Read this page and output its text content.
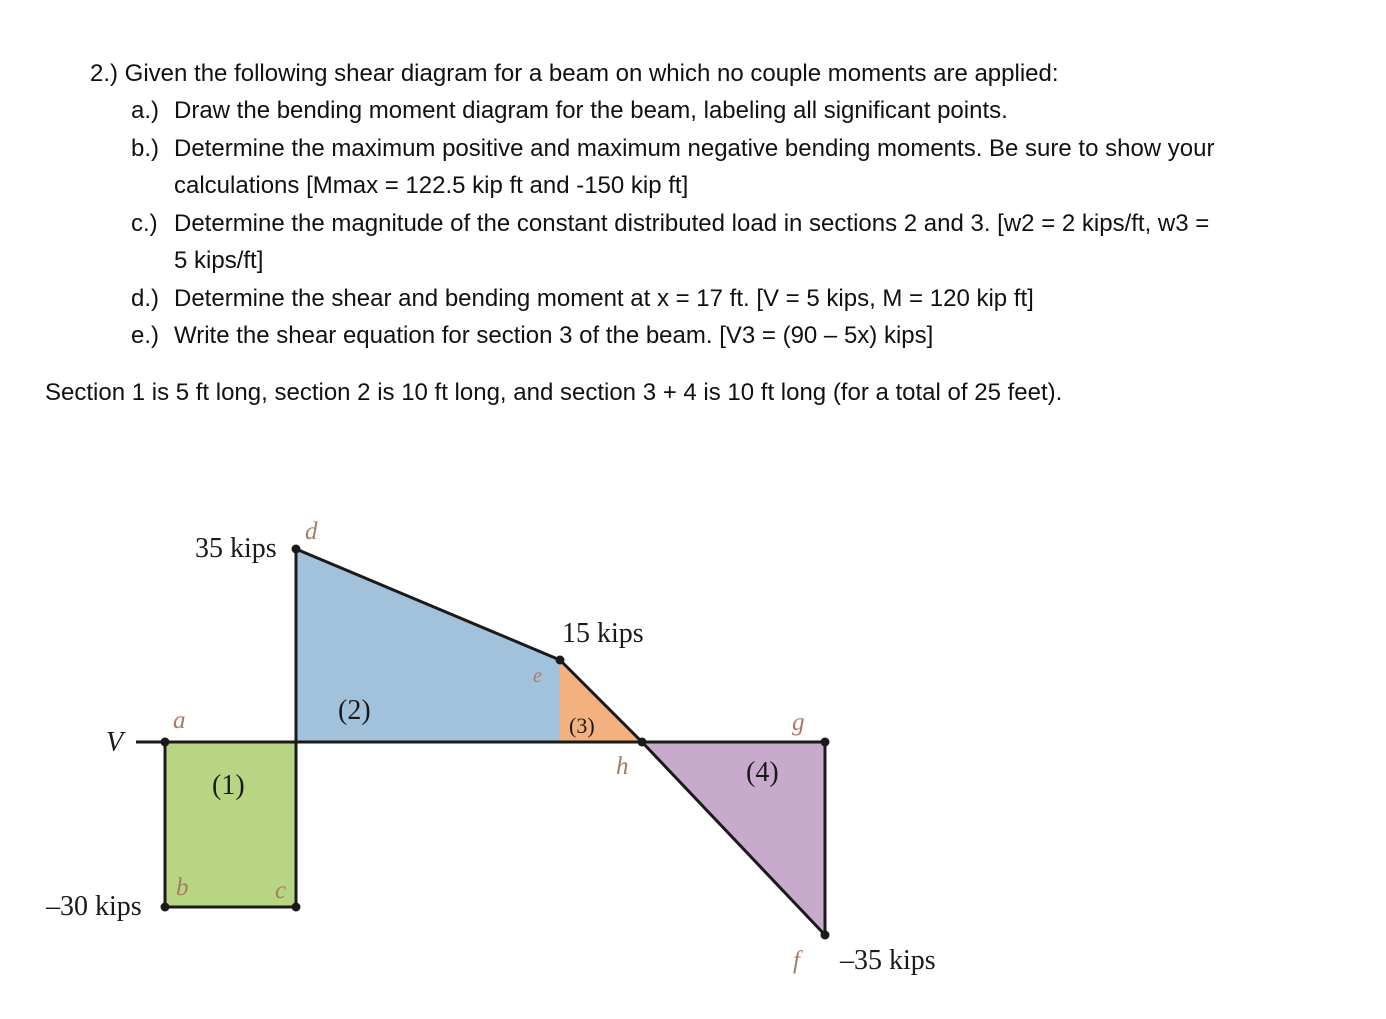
2.) Given the following shear diagram for a beam on which no couple moments are applied:
a.) Draw the bending moment diagram for the beam, labeling all significant points.
b.) Determine the maximum positive and maximum negative bending moments. Be sure to show your
calculations [Mmax = 122.5 kip ft and -150 kip ft]
c.) Determine the magnitude of the constant distributed load in sections 2 and 3. [w2 = 2 kips/ft, w3 =
5 kips/ft]
d.) Determine the shear and bending moment at x = 17 ft. [V = 5 kips, M = 120 kip ft]
e.) Write the shear equation for section 3 of the beam. [V3 = (90 – 5x) kips]
Section 1 is 5 ft long, section 2 is 10 ft long, and section 3 + 4 is 10 ft long (for a total of 25 feet).
V
35 kips
15 kips
–30 kips
–35 kips
(1)
(2)	(3)
(4)
a
b	c
d
e
f
g
h
